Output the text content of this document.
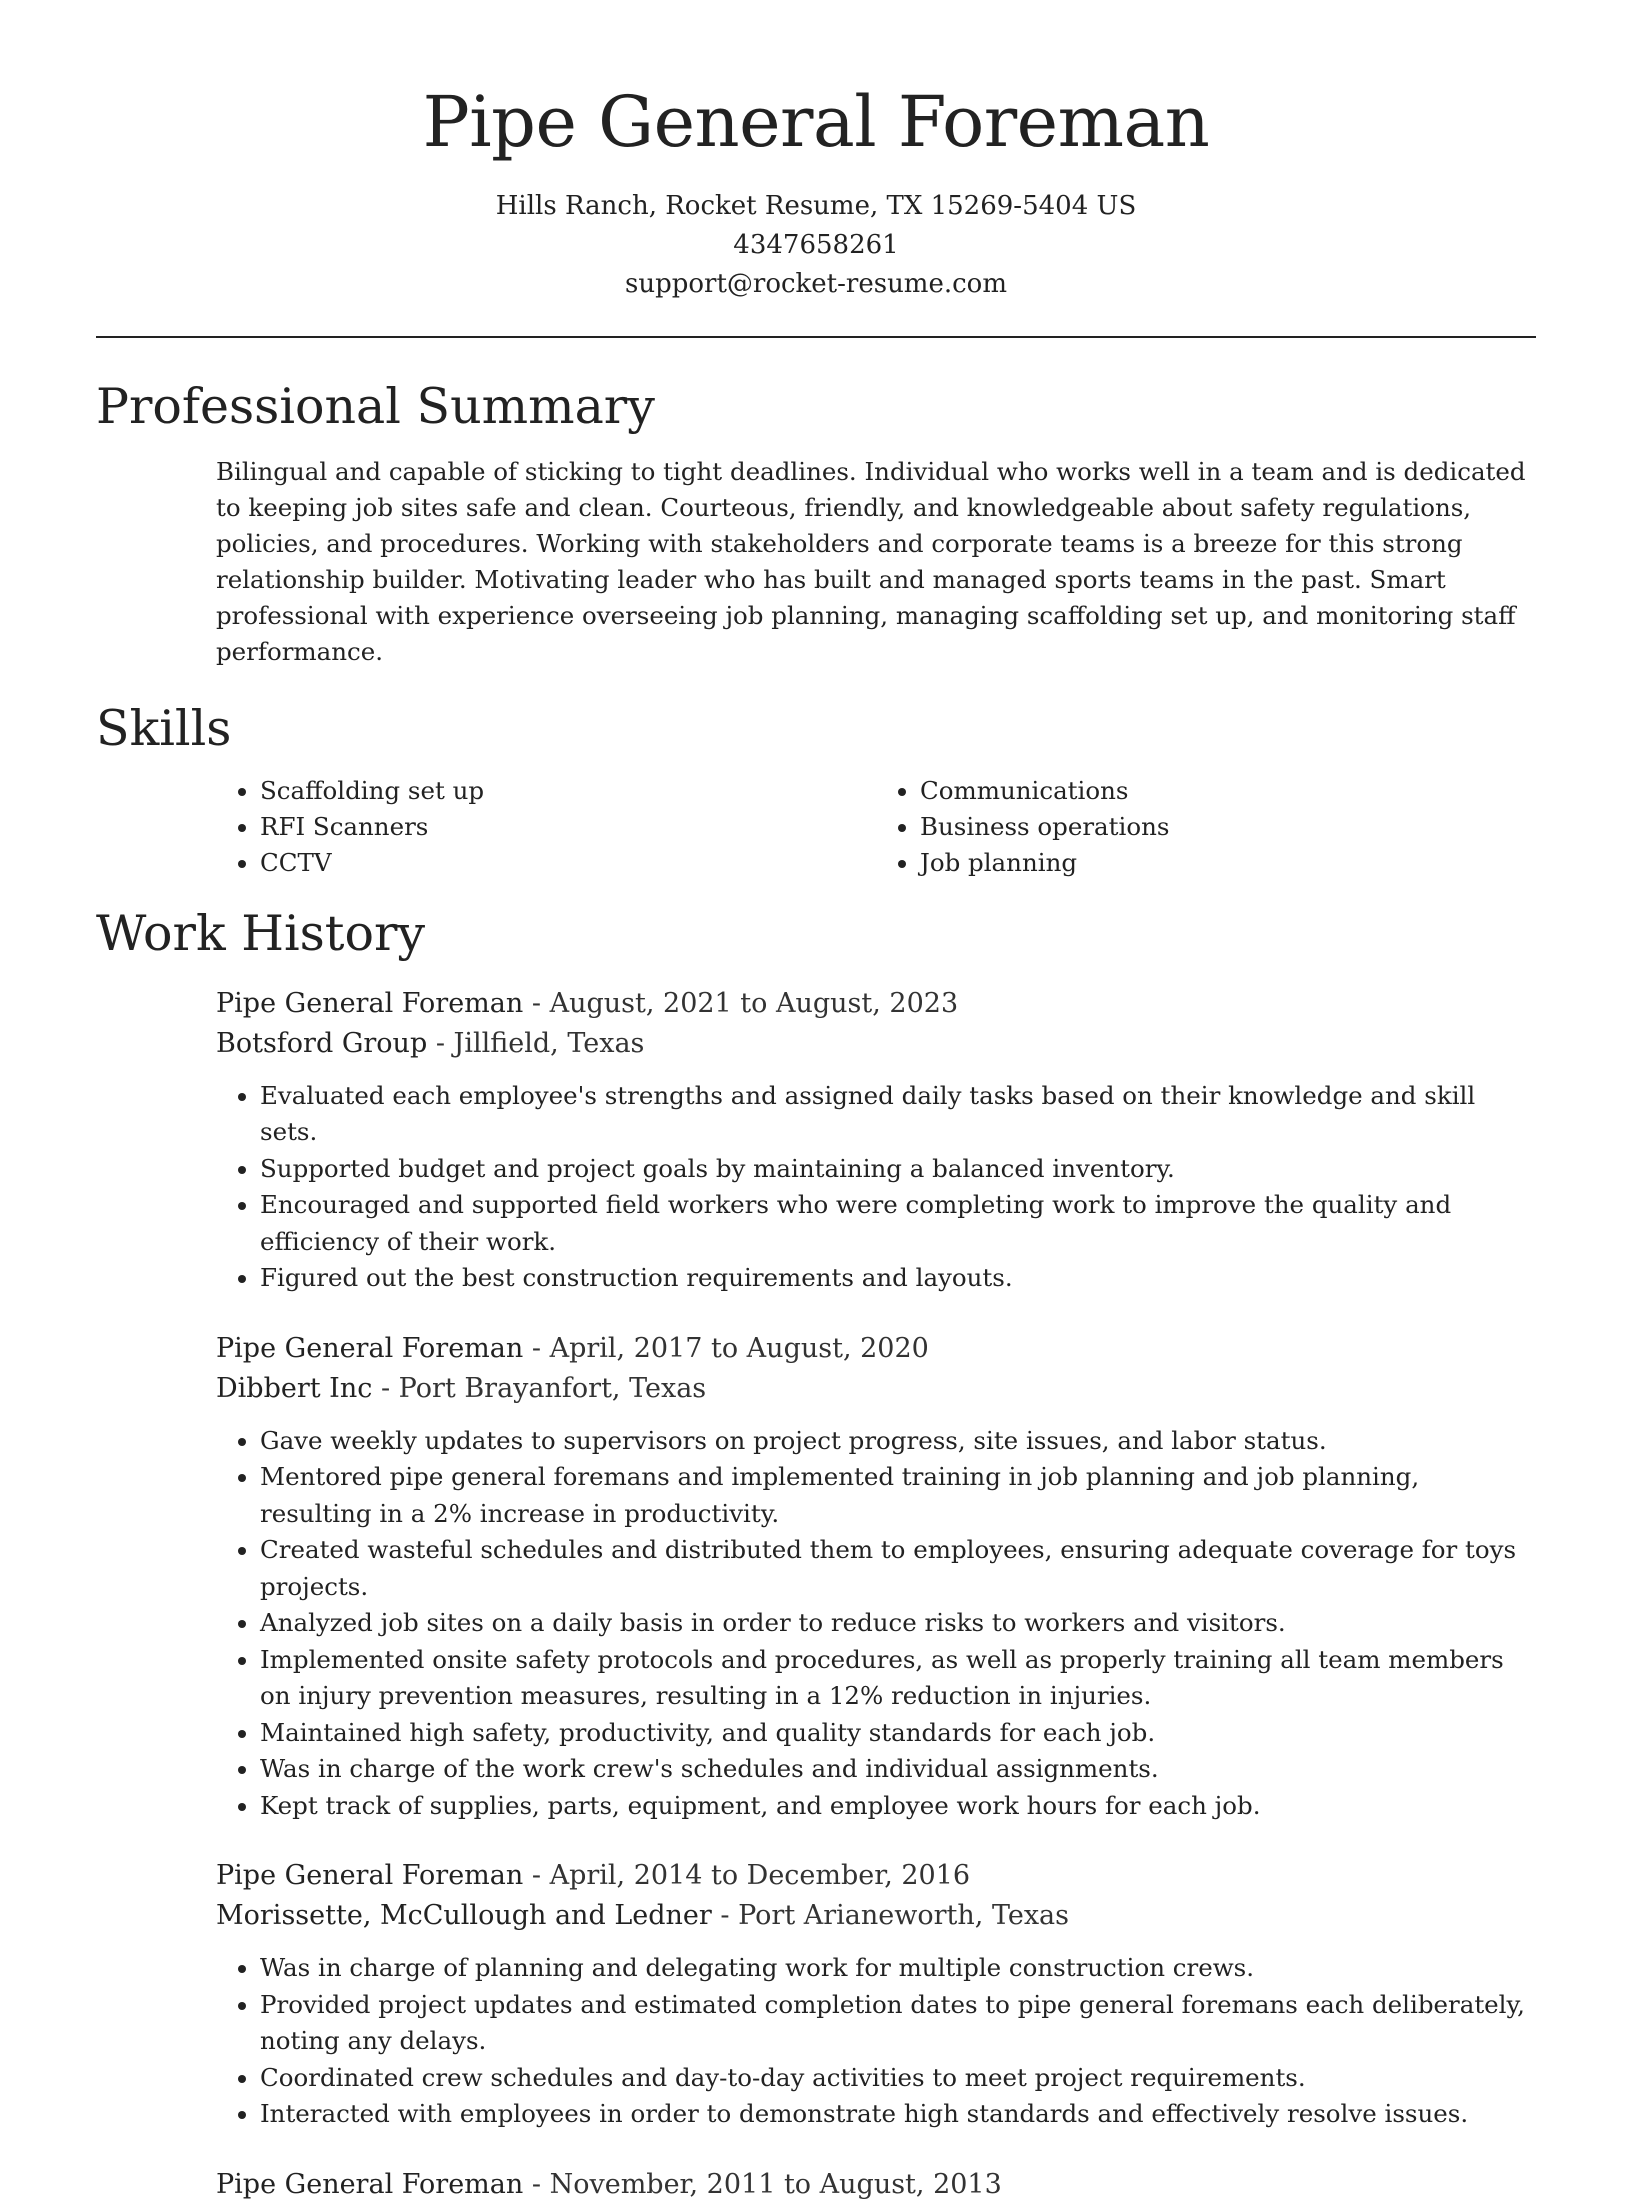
Pipe General Foreman
Hills Ranch, Rocket Resume, TX 15269-5404 US
4347658261
support@rocket-resume.com
Professional Summary

Bilingual and capable of sticking to tight deadlines. Individual who works well in a team and is dedicated to keeping job sites safe and clean. Courteous, friendly, and knowledgeable about safety regulations, policies, and procedures. Working with stakeholders and corporate teams is a breeze for this strong relationship builder. Motivating leader who has built and managed sports teams in the past. Smart professional with experience overseeing job planning, managing scaffolding set up, and monitoring staff performance.

Skills
• Scaffolding set up
• RFI Scanners
• CCTV
• Communications
• Business operations
• Job planning
Work History
Pipe General Foreman - August, 2021 to August, 2023
Botsford Group - Jillfield, Texas
• Evaluated each employee's strengths and assigned daily tasks based on their knowledge and skill sets.
• Supported budget and project goals by maintaining a balanced inventory.
• Encouraged and supported field workers who were completing work to improve the quality and efficiency of their work.
• Figured out the best construction requirements and layouts.
Pipe General Foreman - April, 2017 to August, 2020
Dibbert Inc - Port Brayanfort, Texas
• Gave weekly updates to supervisors on project progress, site issues, and labor status.
• Mentored pipe general foremans and implemented training in job planning and job planning, resulting in a 2% increase in productivity.
• Created wasteful schedules and distributed them to employees, ensuring adequate coverage for toys projects.
• Analyzed job sites on a daily basis in order to reduce risks to workers and visitors.
• Implemented onsite safety protocols and procedures, as well as properly training all team members on injury prevention measures, resulting in a 12% reduction in injuries.
• Maintained high safety, productivity, and quality standards for each job.
• Was in charge of the work crew's schedules and individual assignments.
• Kept track of supplies, parts, equipment, and employee work hours for each job.
Pipe General Foreman - April, 2014 to December, 2016
Morissette, McCullough and Ledner - Port Arianeworth, Texas
• Was in charge of planning and delegating work for multiple construction crews.
• Provided project updates and estimated completion dates to pipe general foremans each deliberately, noting any delays.
• Coordinated crew schedules and day-to-day activities to meet project requirements.
• Interacted with employees in order to demonstrate high standards and effectively resolve issues.
Pipe General Foreman - November, 2011 to August, 2013
